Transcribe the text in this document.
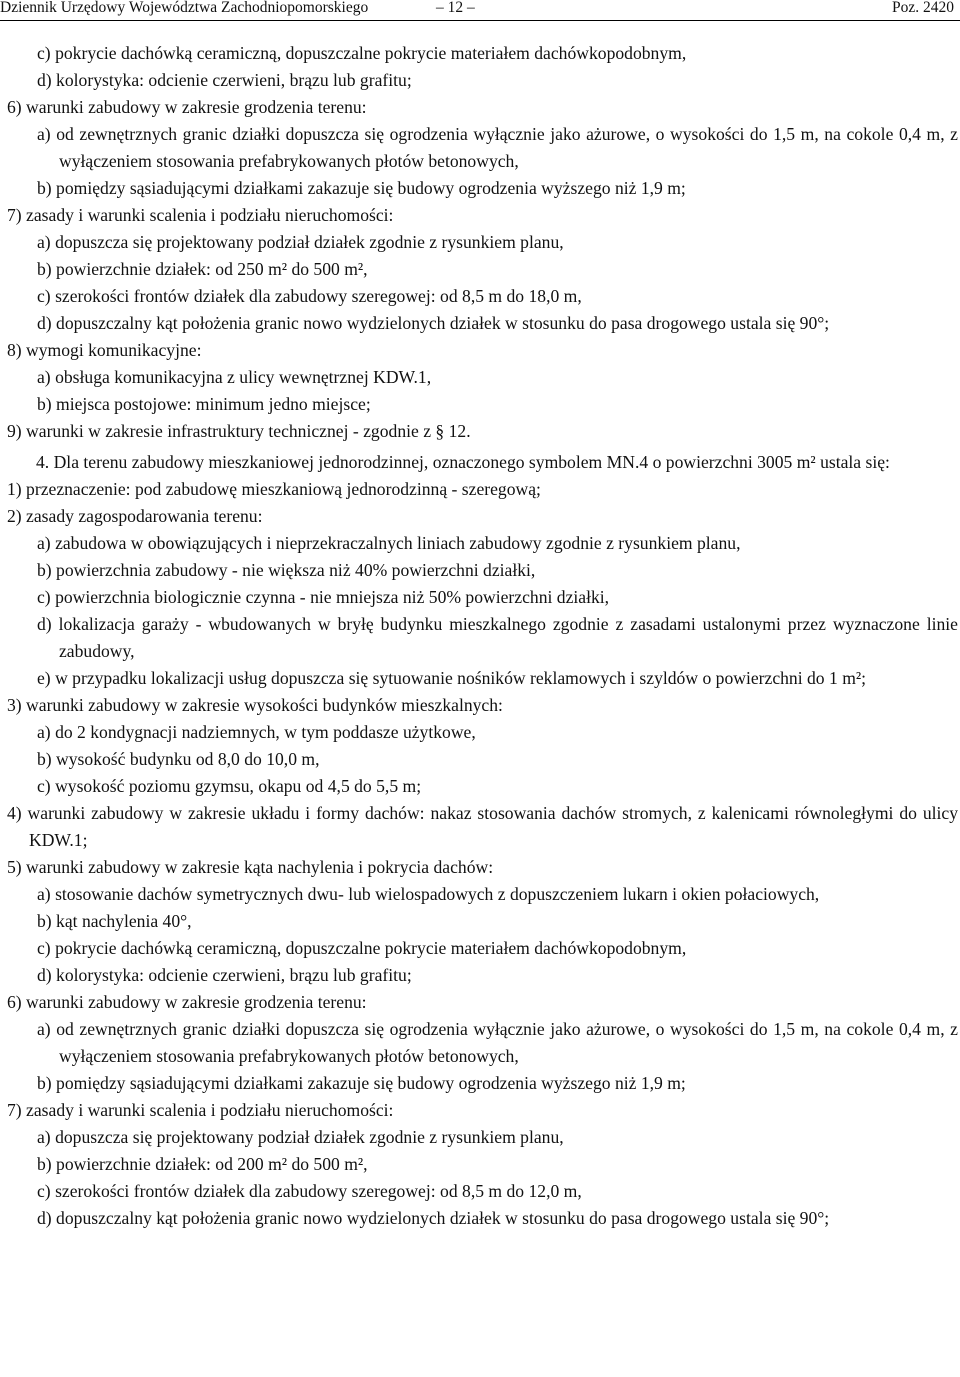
Dziennik Urzędowy Województwa Zachodniopomorskiego	– 12 –	Poz. 2420

c) pokrycie dachówką ceramiczną, dopuszczalne pokrycie materiałem dachówkopodobnym,

d) kolorystyka: odcienie czerwieni, brązu lub grafitu;

6) warunki zabudowy w zakresie grodzenia terenu:

a) od zewnętrznych granic działki dopuszcza się ogrodzenia wyłącznie jako ażurowe, o wysokości do 1,5 m, na cokole 0,4 m, z wyłączeniem stosowania prefabrykowanych płotów betonowych,

b) pomiędzy sąsiadującymi działkami zakazuje się budowy ogrodzenia wyższego niż 1,9 m;

7) zasady i warunki scalenia i podziału nieruchomości:

a) dopuszcza się projektowany podział działek zgodnie z rysunkiem planu,

b) powierzchnie działek: od 250 m² do 500 m²,

c) szerokości frontów działek dla zabudowy szeregowej: od 8,5 m do 18,0 m,

d) dopuszczalny kąt położenia granic nowo wydzielonych działek w stosunku do pasa drogowego ustala się 90°;

8) wymogi komunikacyjne:

a) obsługa komunikacyjna z ulicy wewnętrznej KDW.1,

b) miejsca postojowe: minimum jedno miejsce;

9) warunki w zakresie infrastruktury technicznej - zgodnie z § 12.

4. Dla terenu zabudowy mieszkaniowej jednorodzinnej, oznaczonego symbolem MN.4 o powierzchni 3005 m² ustala się:

1) przeznaczenie: pod zabudowę mieszkaniową jednorodzinną - szeregową;

2) zasady zagospodarowania terenu:

a) zabudowa w obowiązujących i nieprzekraczalnych liniach zabudowy zgodnie z rysunkiem planu,

b) powierzchnia zabudowy - nie większa niż 40% powierzchni działki,

c) powierzchnia biologicznie czynna - nie mniejsza niż 50% powierzchni działki,

d) lokalizacja garaży - wbudowanych w bryłę budynku mieszkalnego zgodnie z zasadami ustalonymi przez wyznaczone linie zabudowy,

e) w przypadku lokalizacji usług dopuszcza się sytuowanie nośników reklamowych i szyldów o powierzchni do 1 m²;

3) warunki zabudowy w zakresie wysokości budynków mieszkalnych:

a) do 2 kondygnacji nadziemnych, w tym poddasze użytkowe,

b) wysokość budynku od 8,0 do 10,0 m,

c) wysokość poziomu gzymsu, okapu od 4,5 do 5,5 m;

4) warunki zabudowy w zakresie układu i formy dachów: nakaz stosowania dachów stromych, z kalenicami równoległymi do ulicy KDW.1;

5) warunki zabudowy w zakresie kąta nachylenia i pokrycia dachów:

a) stosowanie dachów symetrycznych dwu- lub wielospadowych z dopuszczeniem lukarn i okien połaciowych,

b) kąt nachylenia 40°,

c) pokrycie dachówką ceramiczną, dopuszczalne pokrycie materiałem dachówkopodobnym,

d) kolorystyka: odcienie czerwieni, brązu lub grafitu;

6) warunki zabudowy w zakresie grodzenia terenu:

a) od zewnętrznych granic działki dopuszcza się ogrodzenia wyłącznie jako ażurowe, o wysokości do 1,5 m, na cokole 0,4 m, z wyłączeniem stosowania prefabrykowanych płotów betonowych,

b) pomiędzy sąsiadującymi działkami zakazuje się budowy ogrodzenia wyższego niż 1,9 m;

7) zasady i warunki scalenia i podziału nieruchomości:

a) dopuszcza się projektowany podział działek zgodnie z rysunkiem planu,

b) powierzchnie działek: od 200 m² do 500 m²,

c) szerokości frontów działek dla zabudowy szeregowej: od 8,5 m do 12,0 m,

d) dopuszczalny kąt położenia granic nowo wydzielonych działek w stosunku do pasa drogowego ustala się 90°;
